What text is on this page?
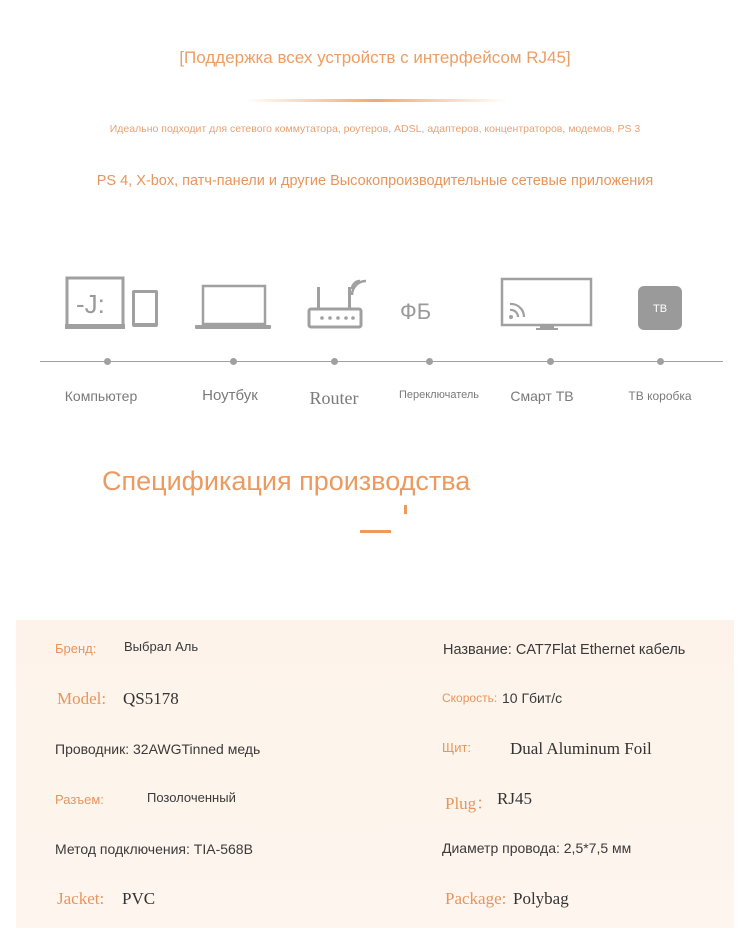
[Поддержка всех устройств с интерфейсом RJ45]
Идеально подходит для сетевого коммутатора, роутеров, ADSL, адаптеров, концентраторов, модемов, PS 3
PS 4, X-box, патч-панели и другие Высокопроизводительные сетевые приложения
-J:	ФБ	ТВ
Компьютер	Ноутбук	Router	Переключатель	Смарт ТВ	ТВ коробка
Спецификация производства
Бренд: Выбрал Аль	Название: CAT7Flat Ethernet кабель
Model: QS5178	Скорость: 10 Гбит/с
Проводник: 32AWGTinned медь	Щит: Dual Aluminum Foil
Разъем:	Позолоченный	Plug： RJ45
Метод подключения: TIA-568B	Диаметр провода: 2,5*7,5 мм
Jacket: PVC	Package: Polybag
